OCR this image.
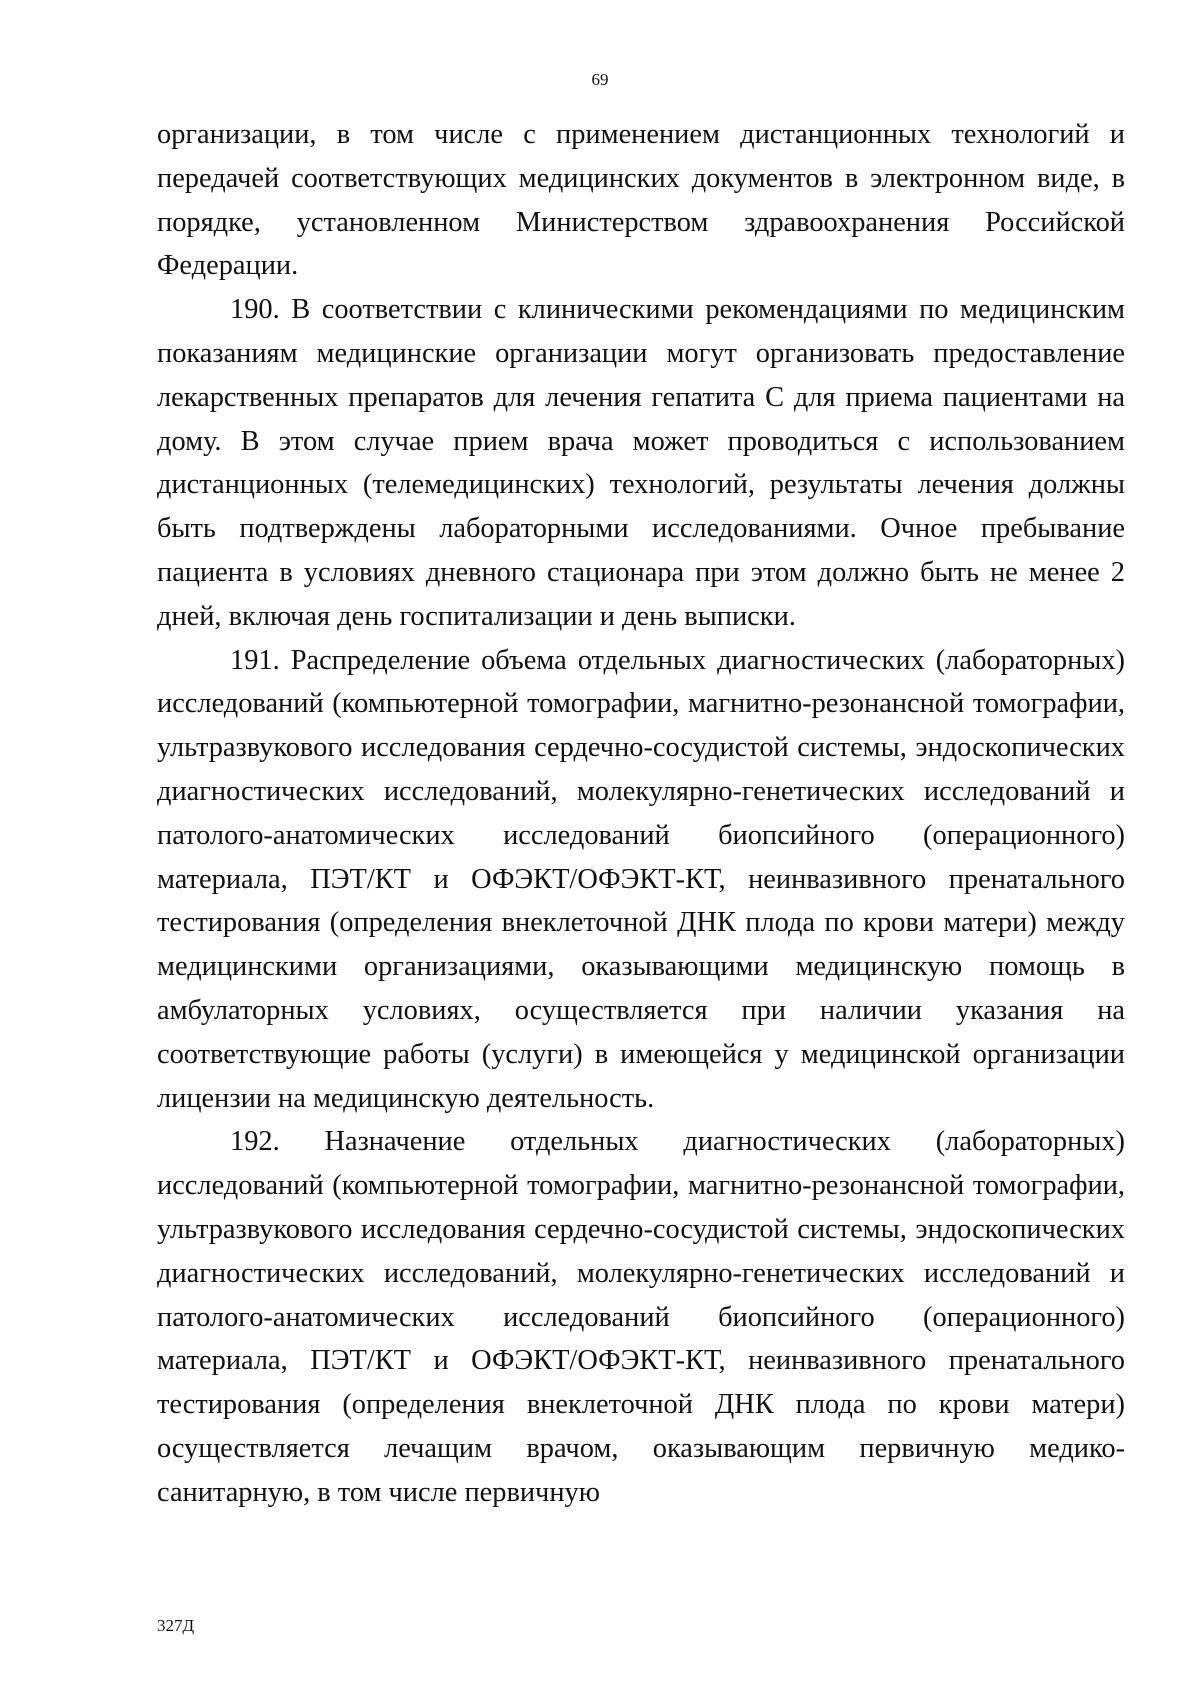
69

организации, в том числе с применением дистанционных технологий и передачей соответствующих медицинских документов в электронном виде, в порядке, установленном Министерством здравоохранения Российской Федерации.

190. В соответствии с клиническими рекомендациями по медицинским показаниям медицинские организации могут организовать предоставление лекарственных препаратов для лечения гепатита С для приема пациентами на дому. В этом случае прием врача может проводиться с использованием дистанционных (телемедицинских) технологий, результаты лечения должны быть подтверждены лабораторными исследованиями. Очное пребывание пациента в условиях дневного стационара при этом должно быть не менее 2 дней, включая день госпитализации и день выписки.

191. Распределение объема отдельных диагностических (лабораторных) исследований (компьютерной томографии, магнитно-резонансной томографии, ультразвукового исследования сердечно-сосудистой системы, эндоскопических диагностических исследований, молекулярно-генетических исследований и патолого-анатомических исследований биопсийного (операционного) материала, ПЭТ/КТ и ОФЭКТ/ОФЭКТ-КТ, неинвазивного пренатального тестирования (определения внеклеточной ДНК плода по крови матери) между медицинскими организациями, оказывающими медицинскую помощь в амбулаторных условиях, осуществляется при наличии указания на соответствующие работы (услуги) в имеющейся у медицинской организации лицензии на медицинскую деятельность.

192. Назначение отдельных диагностических (лабораторных) исследований (компьютерной томографии, магнитно-резонансной томографии, ультразвукового исследования сердечно-сосудистой системы, эндоскопических диагностических исследований, молекулярно-генетических исследований и патолого-анатомических исследований биопсийного (операционного) материала, ПЭТ/КТ и ОФЭКТ/ОФЭКТ-КТ, неинвазивного пренатального тестирования (определения внеклеточной ДНК плода по крови матери) осуществляется лечащим врачом, оказывающим первичную медико-санитарную, в том числе первичную

327Д
